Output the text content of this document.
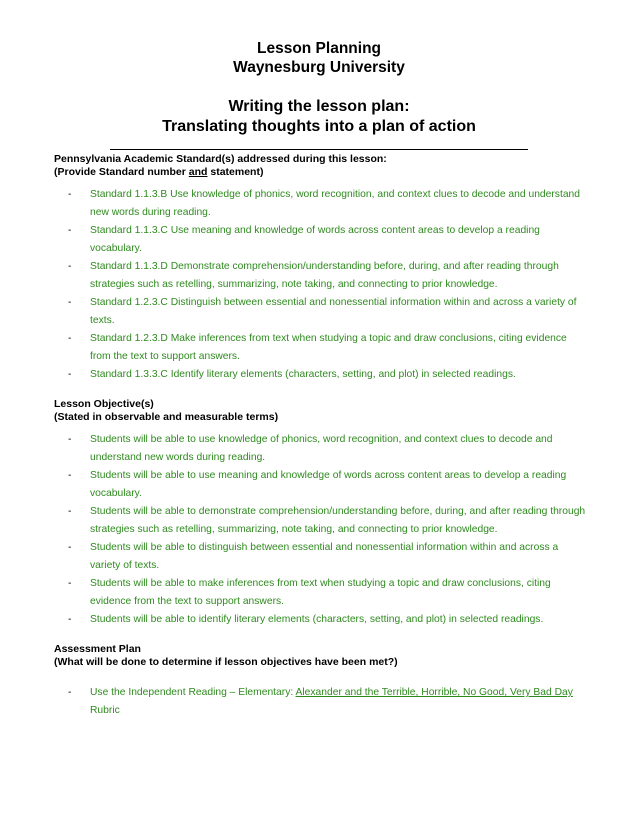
Lesson Planning
Waynesburg University
Writing the lesson plan:
Translating thoughts into a plan of action
Pennsylvania Academic Standard(s) addressed during this lesson:
(Provide Standard number and statement)
- Standard 1.1.3.B Use knowledge of phonics, word recognition, and context clues to decode and understand new words during reading.
- Standard 1.1.3.C Use meaning and knowledge of words across content areas to develop a reading vocabulary.
- Standard 1.1.3.D Demonstrate comprehension/understanding before, during, and after reading through strategies such as retelling, summarizing, note taking, and connecting to prior knowledge.
- Standard 1.2.3.C Distinguish between essential and nonessential information within and across a variety of texts.
- Standard 1.2.3.D Make inferences from text when studying a topic and draw conclusions, citing evidence from the text to support answers.
- Standard 1.3.3.C Identify literary elements (characters, setting, and plot) in selected readings.
Lesson Objective(s)
(Stated in observable and measurable terms)
- Students will be able to use knowledge of phonics, word recognition, and context clues to decode and understand new words during reading.
- Students will be able to use meaning and knowledge of words across content areas to develop a reading vocabulary.
- Students will be able to demonstrate comprehension/understanding before, during, and after reading through strategies such as retelling, summarizing, note taking, and connecting to prior knowledge.
- Students will be able to distinguish between essential and nonessential information within and across a variety of texts.
- Students will be able to make inferences from text when studying a topic and draw conclusions, citing evidence from the text to support answers.
- Students will be able to identify literary elements (characters, setting, and plot) in selected readings.
Assessment Plan
(What will be done to determine if lesson objectives have been met?)
- Use the Independent Reading – Elementary: Alexander and the Terrible, Horrible, No Good, Very Bad Day Rubric
